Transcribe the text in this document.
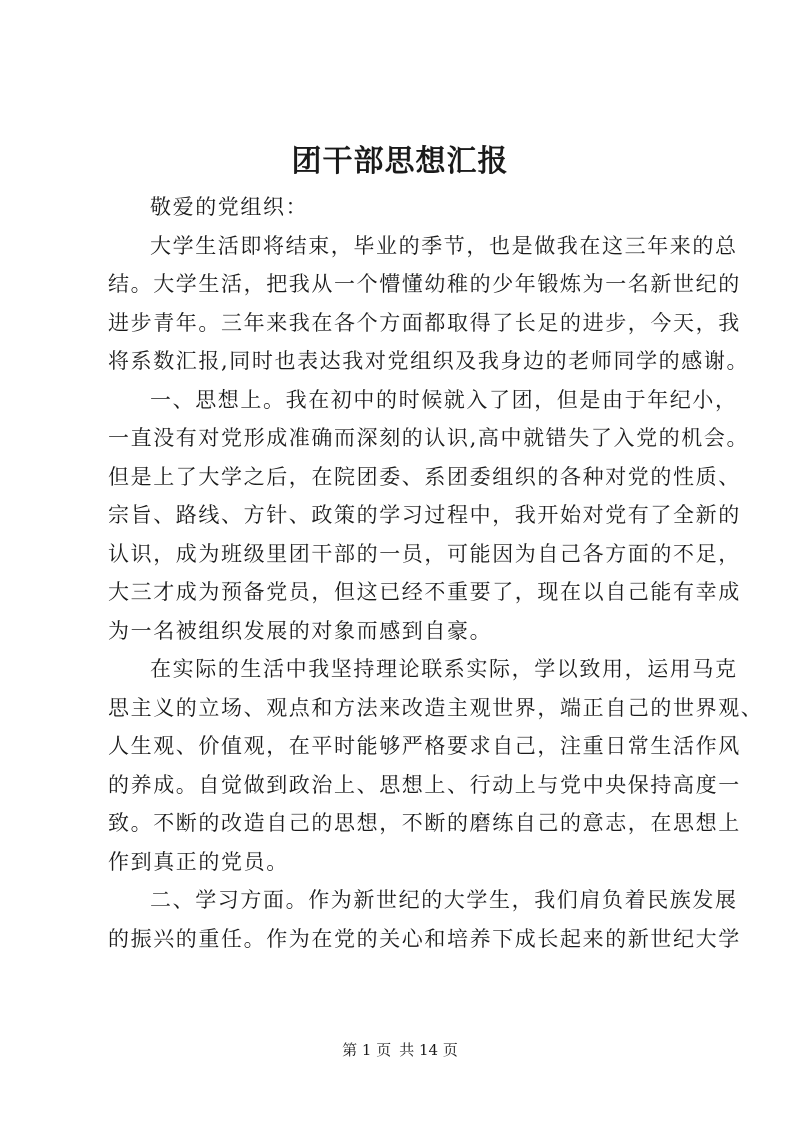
团干部思想汇报

敬爱的党组织：

大学生活即将结束，毕业的季节，也是做我在这三年来的总
结。大学生活，把我从一个懵懂幼稚的少年锻炼为一名新世纪的
进步青年。三年来我在各个方面都取得了长足的进步，今天，我
将系数汇报,同时也表达我对党组织及我身边的老师同学的感谢。

一、思想上。我在初中的时候就入了团，但是由于年纪小，
一直没有对党形成准确而深刻的认识,高中就错失了入党的机会。
但是上了大学之后，在院团委、系团委组织的各种对党的性质、
宗旨、路线、方针、政策的学习过程中，我开始对党有了全新的
认识，成为班级里团干部的一员，可能因为自己各方面的不足，
大三才成为预备党员，但这已经不重要了，现在以自己能有幸成
为一名被组织发展的对象而感到自豪。

在实际的生活中我坚持理论联系实际，学以致用，运用马克
思主义的立场、观点和方法来改造主观世界，端正自己的世界观、
人生观、价值观，在平时能够严格要求自己，注重日常生活作风
的养成。自觉做到政治上、思想上、行动上与党中央保持高度一
致。不断的改造自己的思想，不断的磨练自己的意志，在思想上
作到真正的党员。

二、学习方面。作为新世纪的大学生，我们肩负着民族发展
的振兴的重任。作为在党的关心和培养下成长起来的新世纪大学

第 1 页 共 14 页
